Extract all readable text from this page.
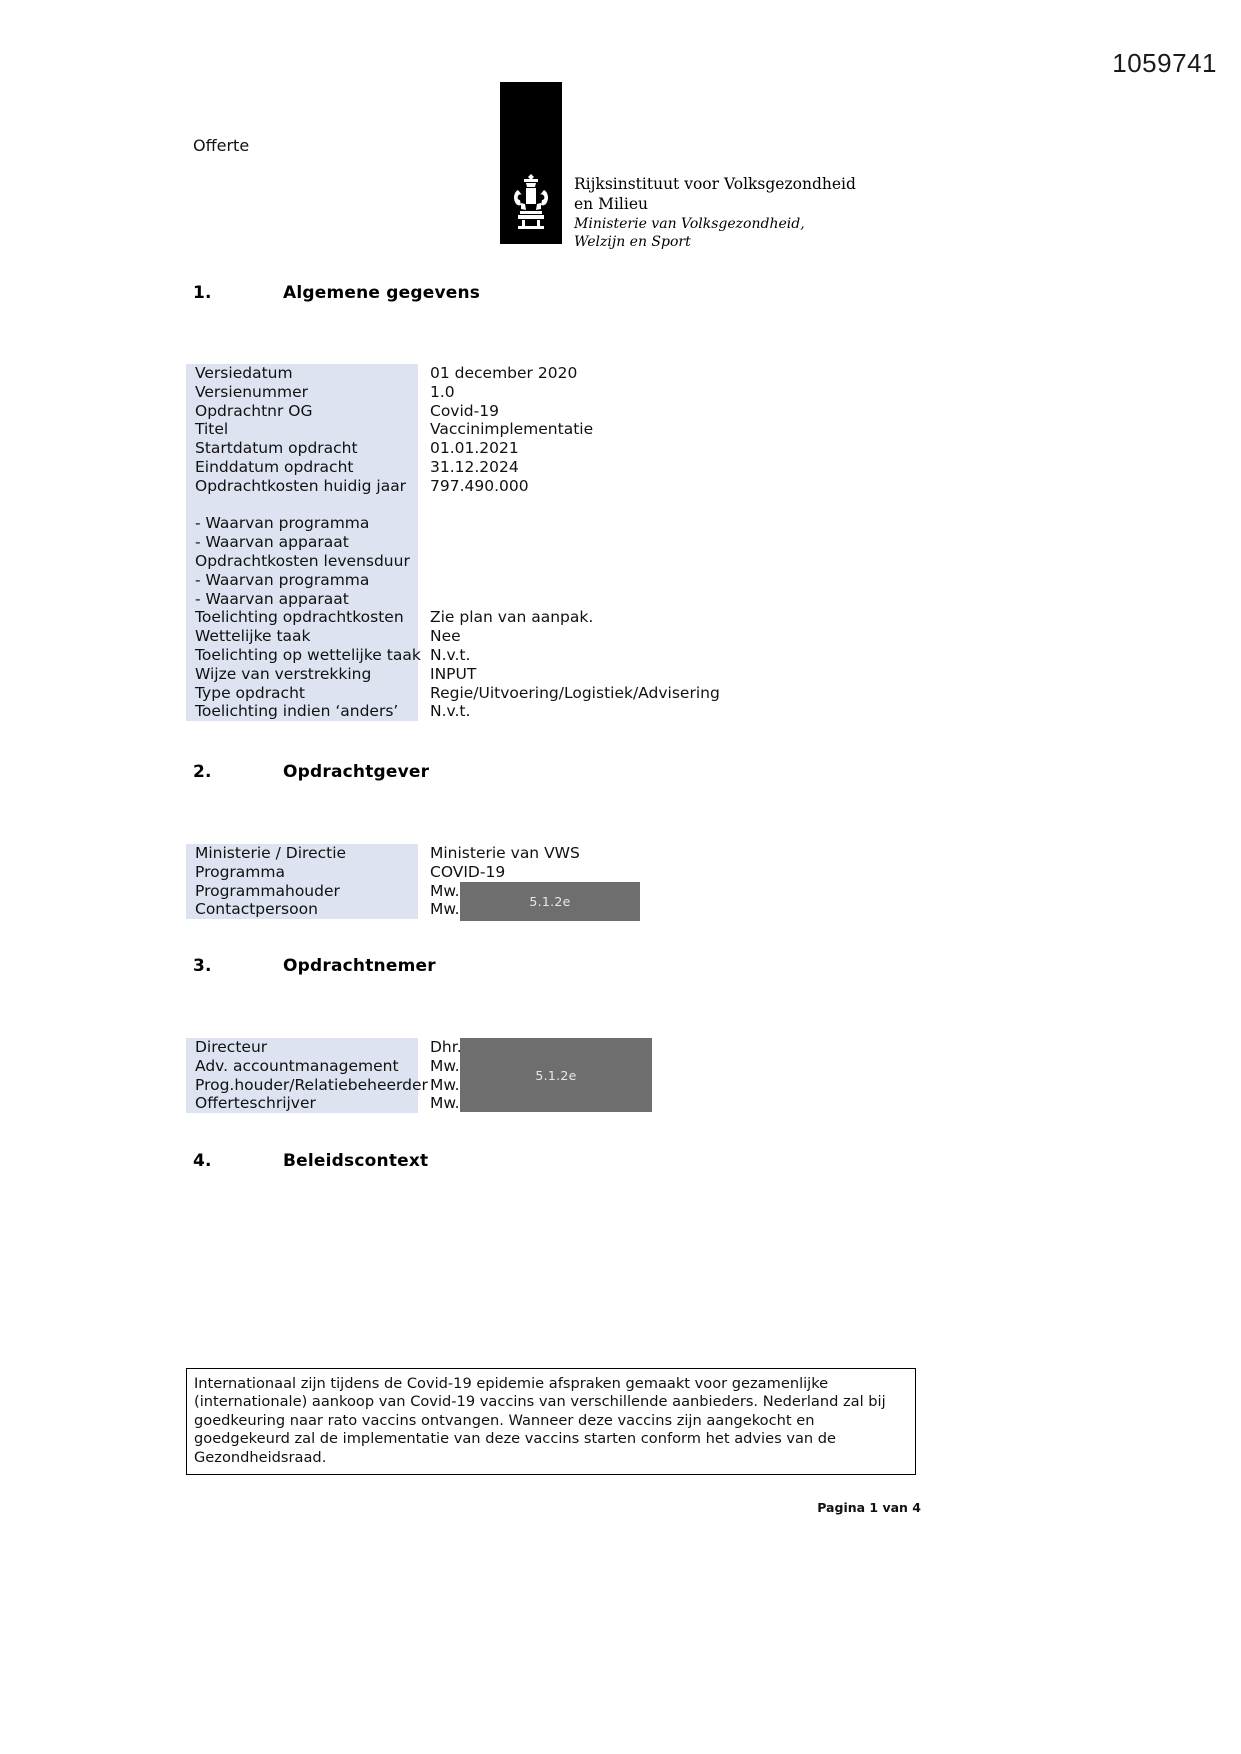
1059741
Offerte
Rijksinstituut voor Volksgezondheid
en Milieu
Ministerie van Volksgezondheid,
Welzijn en Sport
1.	Algemene gegevens
Versiedatum	01 december 2020
Versienummer	1.0
Opdrachtnr OG	Covid-19
Titel	Vaccinimplementatie
Startdatum opdracht	01.01.2021
Einddatum opdracht	31.12.2024
Opdrachtkosten huidig jaar	797.490.000

- Waarvan programma

- Waarvan apparaat

Opdrachtkosten levensduur

- Waarvan programma

- Waarvan apparaat

Toelichting opdrachtkosten	Zie plan van aanpak.
Wettelijke taak	Nee
Toelichting op wettelijke taak N.v.t.
Wijze van verstrekking	INPUT
Type opdracht	Regie/Uitvoering/Logistiek/Advisering
Toelichting indien ‘anders’	N.v.t.
2.	Opdrachtgever
Ministerie / Directie	Ministerie van VWS
Programma	COVID-19
Programmahouder	Mw.
Contactpersoon	Mw.	5.1.2e
3.	Opdrachtnemer
Directeur	Dhr.
Adv. accountmanagement	Mw.
Prog.houder/Relatiebeheerder Mw.
Offerteschrijver	Mw.
5.1.2e
4.	Beleidscontext
Internationaal zijn tijdens de Covid-19 epidemie afspraken gemaakt voor gezamenlijke (internationale) aankoop van Covid-19 vaccins van verschillende aanbieders. Nederland zal bij goedkeuring naar rato vaccins ontvangen. Wanneer deze vaccins zijn aangekocht en goedgekeurd zal de implementatie van deze vaccins starten conform het advies van de Gezondheidsraad.
Pagina 1 van 4
